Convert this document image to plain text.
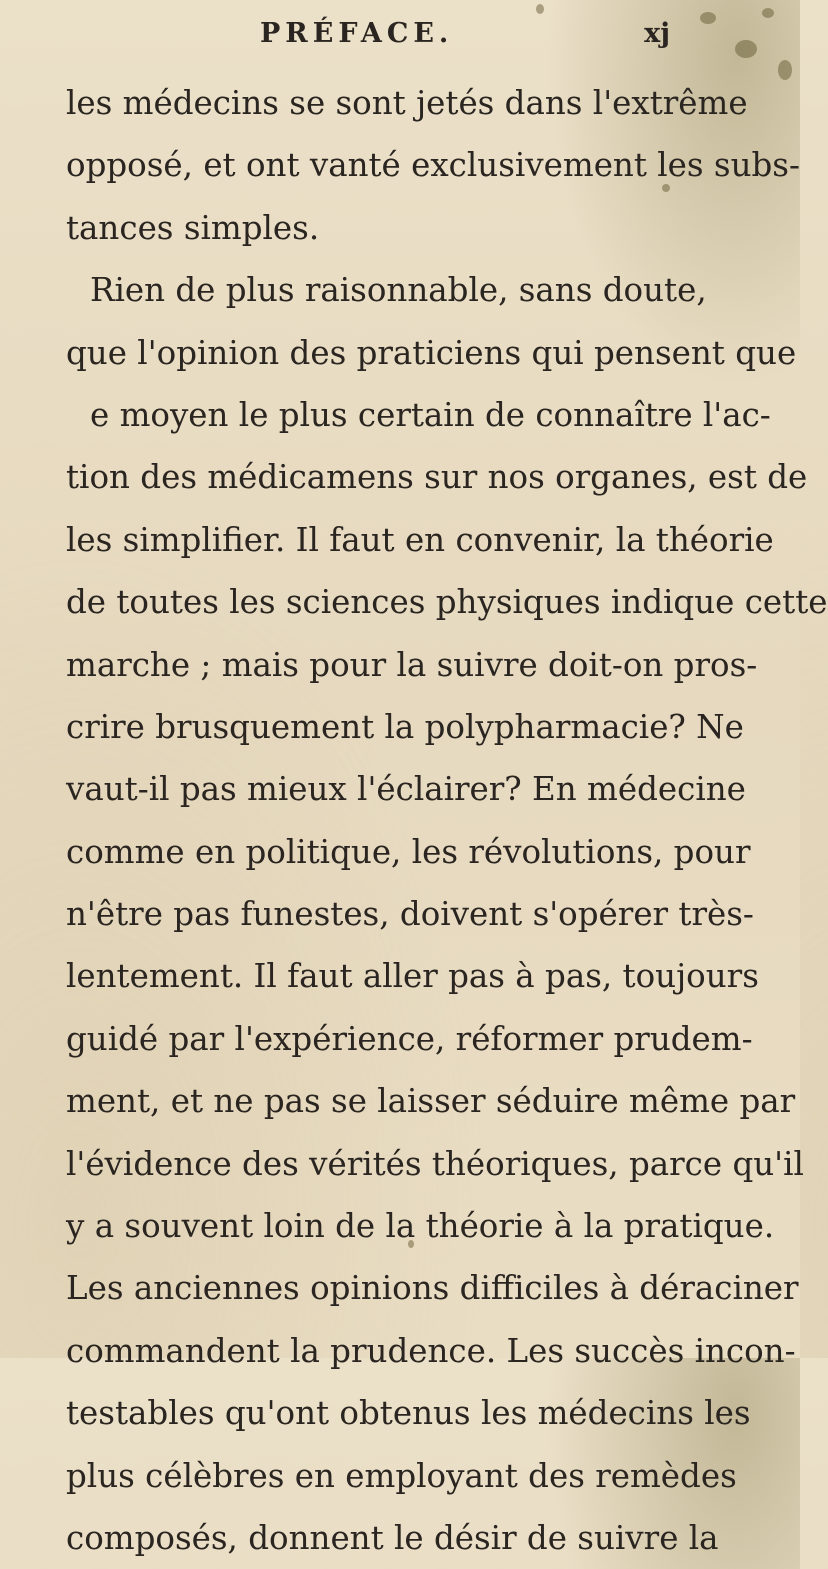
PRÉFACE.	xj
les médecins se sont jetés dans l'extrême
opposé, et ont vanté exclusivement les subs-
tances simples.
Rien de plus raisonnable, sans doute,
que l'opinion des praticiens qui pensent que
e moyen le plus certain de connaître l'ac-
tion des médicamens sur nos organes, est de
les simplifier. Il faut en convenir, la théorie
de toutes les sciences physiques indique cette
marche ; mais pour la suivre doit-on pros-
crire brusquement la polypharmacie? Ne
vaut-il pas mieux l'éclairer? En médecine
comme en politique, les révolutions, pour
n'être pas funestes, doivent s'opérer très-
lentement. Il faut aller pas à pas, toujours
guidé par l'expérience, réformer prudem-
ment, et ne pas se laisser séduire même par
l'évidence des vérités théoriques, parce qu'il
y a souvent loin de la théorie à la pratique.
Les anciennes opinions difficiles à déraciner
commandent la prudence. Les succès incon-
testables qu'ont obtenus les médecins les
plus célèbres en employant des remèdes
composés, donnent le désir de suivre la
